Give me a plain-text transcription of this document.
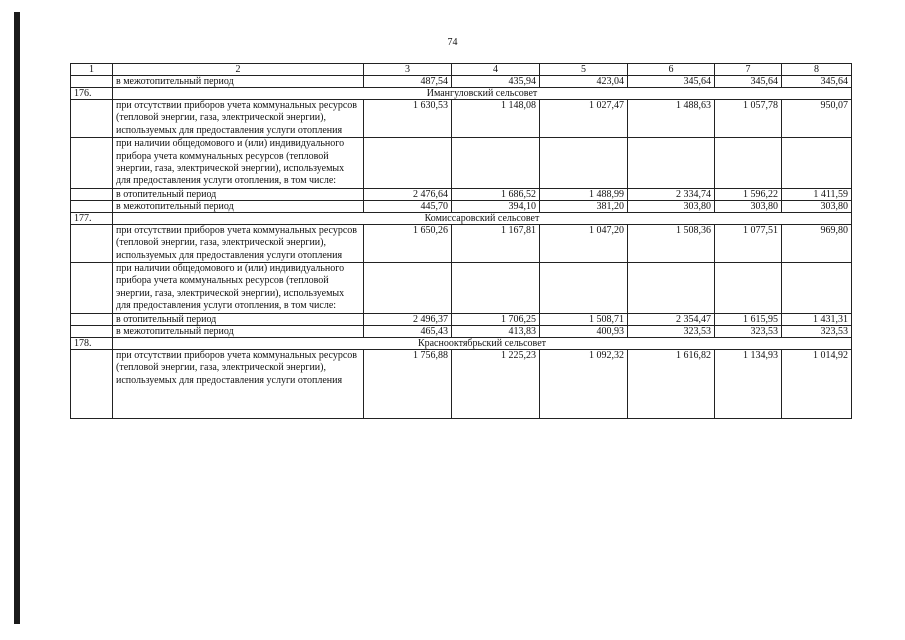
74
1	2	3	4	5	6	7	8
	в межотопительный период	487,54	435,94	423,04	345,64	345,64	345,64
176.	Имангуловский сельсовет						
	при отсутствии приборов учета коммунальных ресурсов (тепловой энергии, газа, электрической энергии), используемых для предоставления услуги отопления	1 630,53	1 148,08	1 027,47	1 488,63	1 057,78	950,07
	при наличии общедомового и (или) индивидуального прибора учета коммунальных ресурсов (тепловой энергии, газа, электрической энергии), используемых для предоставления услуги отопления, в том числе:						
	в отопительный период	2 476,64	1 686,52	1 488,99	2 334,74	1 596,22	1 411,59
	в межотопительный период	445,70	394,10	381,20	303,80	303,80	303,80
177.	Комиссаровский сельсовет						
	при отсутствии приборов учета коммунальных ресурсов (тепловой энергии, газа, электрической энергии), используемых для предоставления услуги отопления	1 650,26	1 167,81	1 047,20	1 508,36	1 077,51	969,80
	при наличии общедомового и (или) индивидуального прибора учета коммунальных ресурсов (тепловой энергии, газа, электрической энергии), используемых для предоставления услуги отопления, в том числе:						
	в отопительный период	2 496,37	1 706,25	1 508,71	2 354,47	1 615,95	1 431,31
	в межотопительный период	465,43	413,83	400,93	323,53	323,53	323,53
178.	Краснооктябрьский сельсовет						
	при отсутствии приборов учета коммунальных ресурсов (тепловой энергии, газа, электрической энергии), используемых для предоставления услуги отопления	1 756,88	1 225,23	1 092,32	1 616,82	1 134,93	1 014,92
